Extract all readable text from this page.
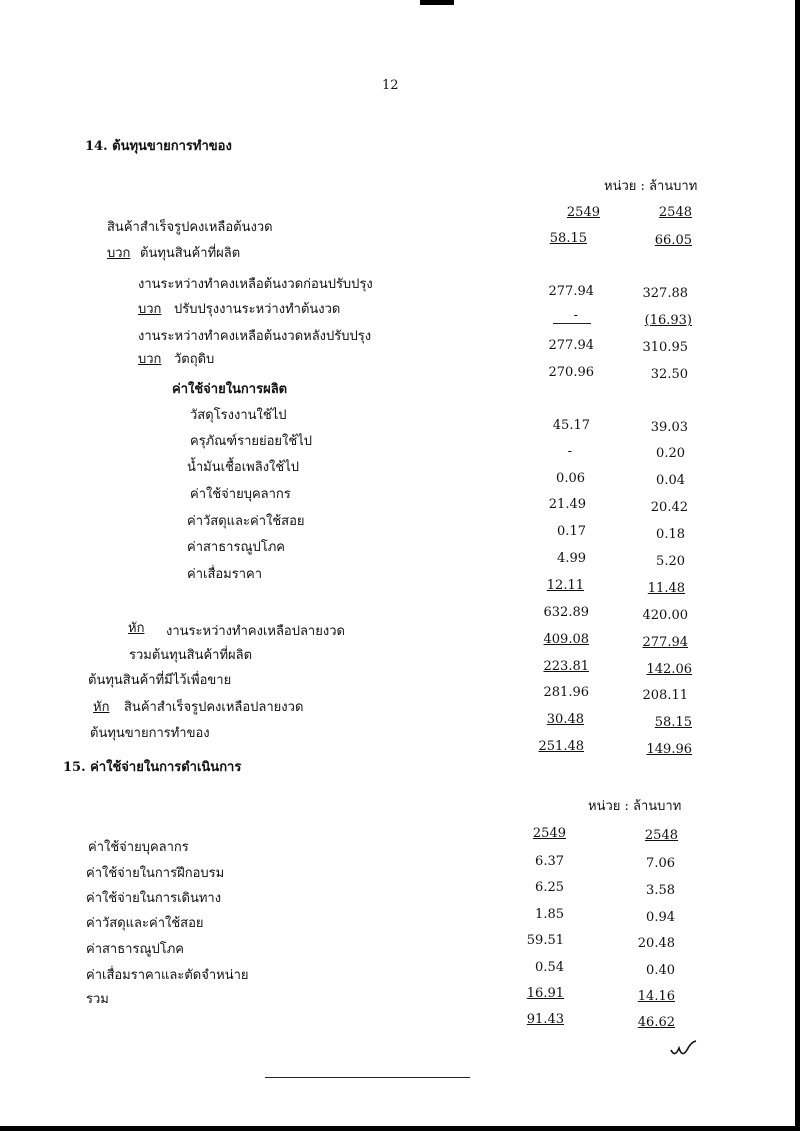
12
14. ต้นทุนขายการทำของ
หน่วย : ล้านบาท
2549	2548
สินค้าสำเร็จรูปคงเหลือต้นงวด
58.15	66.05
บวก ต้นทุนสินค้าที่ผลิต
งานระหว่างทำคงเหลือต้นงวดก่อนปรับปรุง	277.94	327.88
บวก ปรับปรุงงานระหว่างทำต้นงวด	-	(16.93)
งานระหว่างทำคงเหลือต้นงวดหลังปรับปรุง
277.94	310.95
บวก วัตถุดิบ
270.96	32.50
ค่าใช้จ่ายในการผลิต
วัสดุโรงงานใช้ไป
45.17	39.03
ครุภัณฑ์รายย่อยใช้ไป
-	0.20
น้ำมันเชื้อเพลิงใช้ไป
0.06	0.04
ค่าใช้จ่ายบุคลากร
21.49	20.42
ค่าวัสดุและค่าใช้สอย
0.17	0.18
ค่าสาธารณูปโภค
4.99	5.20
ค่าเสื่อมราคา
12.11	11.48
632.89	420.00
หัก งานระหว่างทำคงเหลือปลายงวด
409.08	277.94
รวมต้นทุนสินค้าที่ผลิต
223.81	142.06
ต้นทุนสินค้าที่มีไว้เพื่อขาย
281.96	208.11
หัก สินค้าสำเร็จรูปคงเหลือปลายงวด
30.48	58.15
ต้นทุนขายการทำของ
251.48	149.96
15. ค่าใช้จ่ายในการดำเนินการ
หน่วย : ล้านบาท
2549	2548
ค่าใช้จ่ายบุคลากร
6.37	7.06
ค่าใช้จ่ายในการฝึกอบรม
6.25	3.58
ค่าใช้จ่ายในการเดินทาง
1.85	0.94
ค่าวัสดุและค่าใช้สอย
59.51	20.48
ค่าสาธารณูปโภค
0.54	0.40
ค่าเสื่อมราคาและตัดจำหน่าย
16.91	14.16
รวม
91.43	46.62
